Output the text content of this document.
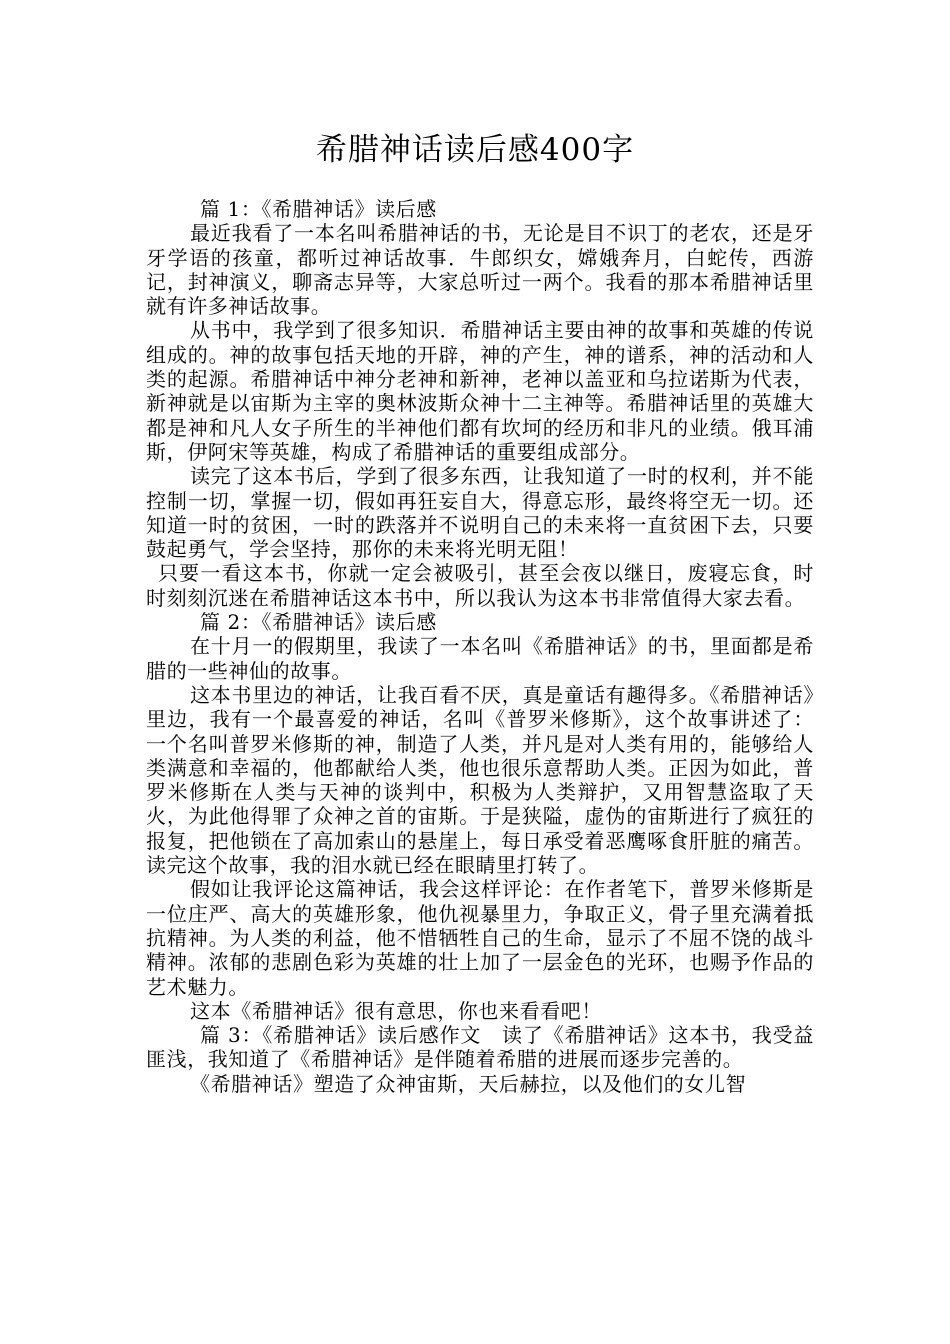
希腊神话读后感400字

篇 1：《希腊神话》读后感

最近我看了一本名叫希腊神话的书，无论是目不识丁的老农，还是牙牙学语的孩童，都听过神话故事．牛郎织女，嫦娥奔月，白蛇传，西游记，封神演义，聊斋志异等，大家总听过一两个。我看的那本希腊神话里就有许多神话故事。

从书中，我学到了很多知识．希腊神话主要由神的故事和英雄的传说组成的。神的故事包括天地的开辟，神的产生，神的谱系，神的活动和人类的起源。希腊神话中神分老神和新神，老神以盖亚和乌拉诺斯为代表，新神就是以宙斯为主宰的奥林波斯众神十二主神等。希腊神话里的英雄大都是神和凡人女子所生的半神他们都有坎坷的经历和非凡的业绩。俄耳浦斯，伊阿宋等英雄，构成了希腊神话的重要组成部分。

读完了这本书后，学到了很多东西，让我知道了一时的权利，并不能控制一切，掌握一切，假如再狂妄自大，得意忘形，最终将空无一切。还知道一时的贫困，一时的跌落并不说明自己的未来将一直贫困下去，只要鼓起勇气，学会坚持，那你的未来将光明无阻！

只要一看这本书，你就一定会被吸引，甚至会夜以继日，废寝忘食，时时刻刻沉迷在希腊神话这本书中，所以我认为这本书非常值得大家去看。

篇 2：《希腊神话》读后感

在十月一的假期里，我读了一本名叫《希腊神话》的书，里面都是希腊的一些神仙的故事。

这本书里边的神话，让我百看不厌，真是童话有趣得多。《希腊神话》里边，我有一个最喜爱的神话，名叫《普罗米修斯》，这个故事讲述了：一个名叫普罗米修斯的神，制造了人类，并凡是对人类有用的，能够给人类满意和幸福的，他都献给人类，他也很乐意帮助人类。正因为如此，普罗米修斯在人类与天神的谈判中，积极为人类辩护，又用智慧盗取了天火，为此他得罪了众神之首的宙斯。于是狭隘，虚伪的宙斯进行了疯狂的报复，把他锁在了高加索山的悬崖上，每日承受着恶鹰啄食肝脏的痛苦。读完这个故事，我的泪水就已经在眼睛里打转了。

假如让我评论这篇神话，我会这样评论：在作者笔下，普罗米修斯是一位庄严、高大的英雄形象，他仇视暴里力，争取正义，骨子里充满着抵抗精神。为人类的利益，他不惜牺牲自己的生命，显示了不屈不饶的战斗精神。浓郁的悲剧色彩为英雄的壮上加了一层金色的光环，也赐予作品的艺术魅力。

这本《希腊神话》很有意思，你也来看看吧！

篇 3：《希腊神话》读后感作文　读了《希腊神话》这本书，我受益匪浅，我知道了《希腊神话》是伴随着希腊的进展而逐步完善的。

《希腊神话》塑造了众神宙斯，天后赫拉，以及他们的女儿智
